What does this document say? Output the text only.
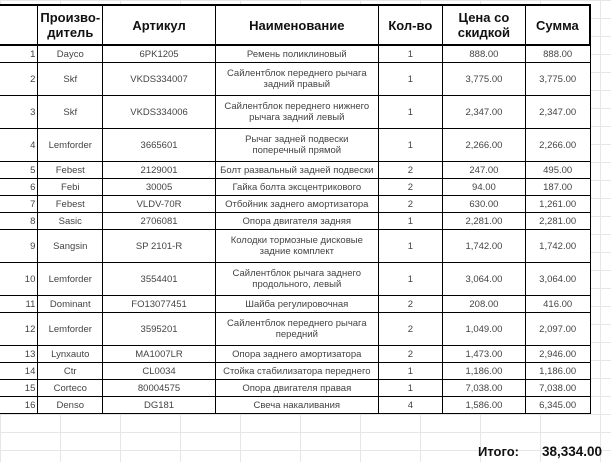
	Произво-дитель	Артикул	Наименование	Кол-во	Цена со скидкой	Сумма
1	Dayco	6PK1205	Ремень поликлиновый	1	888.00	888.00
2	Skf	VKDS334007	Сайлентблок переднего рычага задний правый	1	3,775.00	3,775.00
3	Skf	VKDS334006	Сайлентблок переднего нижнего рычага задний левый	1	2,347.00	2,347.00
4	Lemforder	3665601	Рычаг задней подвески поперечный прямой	1	2,266.00	2,266.00
5	Febest	2129001	Болт развальный задней подвески	2	247.00	495.00
6	Febi	30005	Гайка болта эксцентрикового	2	94.00	187.00
7	Febest	VLDV-70R	Отбойник заднего амортизатора	2	630.00	1,261.00
8	Sasic	2706081	Опора двигателя задняя	1	2,281.00	2,281.00
9	Sangsin	SP 2101-R	Колодки тормозные дисковые задние комплект	1	1,742.00	1,742.00
10	Lemforder	3554401	Сайлентблок рычага заднего продольного, левый	1	3,064.00	3,064.00
11	Dominant	FO13077451	Шайба регулировочная	2	208.00	416.00
12	Lemforder	3595201	Сайлентблок переднего рычага передний	2	1,049.00	2,097.00
13	Lynxauto	MA1007LR	Опора заднего амортизатора	2	1,473.00	2,946.00
14	Ctr	CL0034	Стойка стабилизатора переднего	1	1,186.00	1,186.00
15	Corteco	80004575	Опора двигателя правая	1	7,038.00	7,038.00
16	Denso	DG181	Свеча накаливания	4	1,586.00	6,345.00
Итого: 38,334.00
